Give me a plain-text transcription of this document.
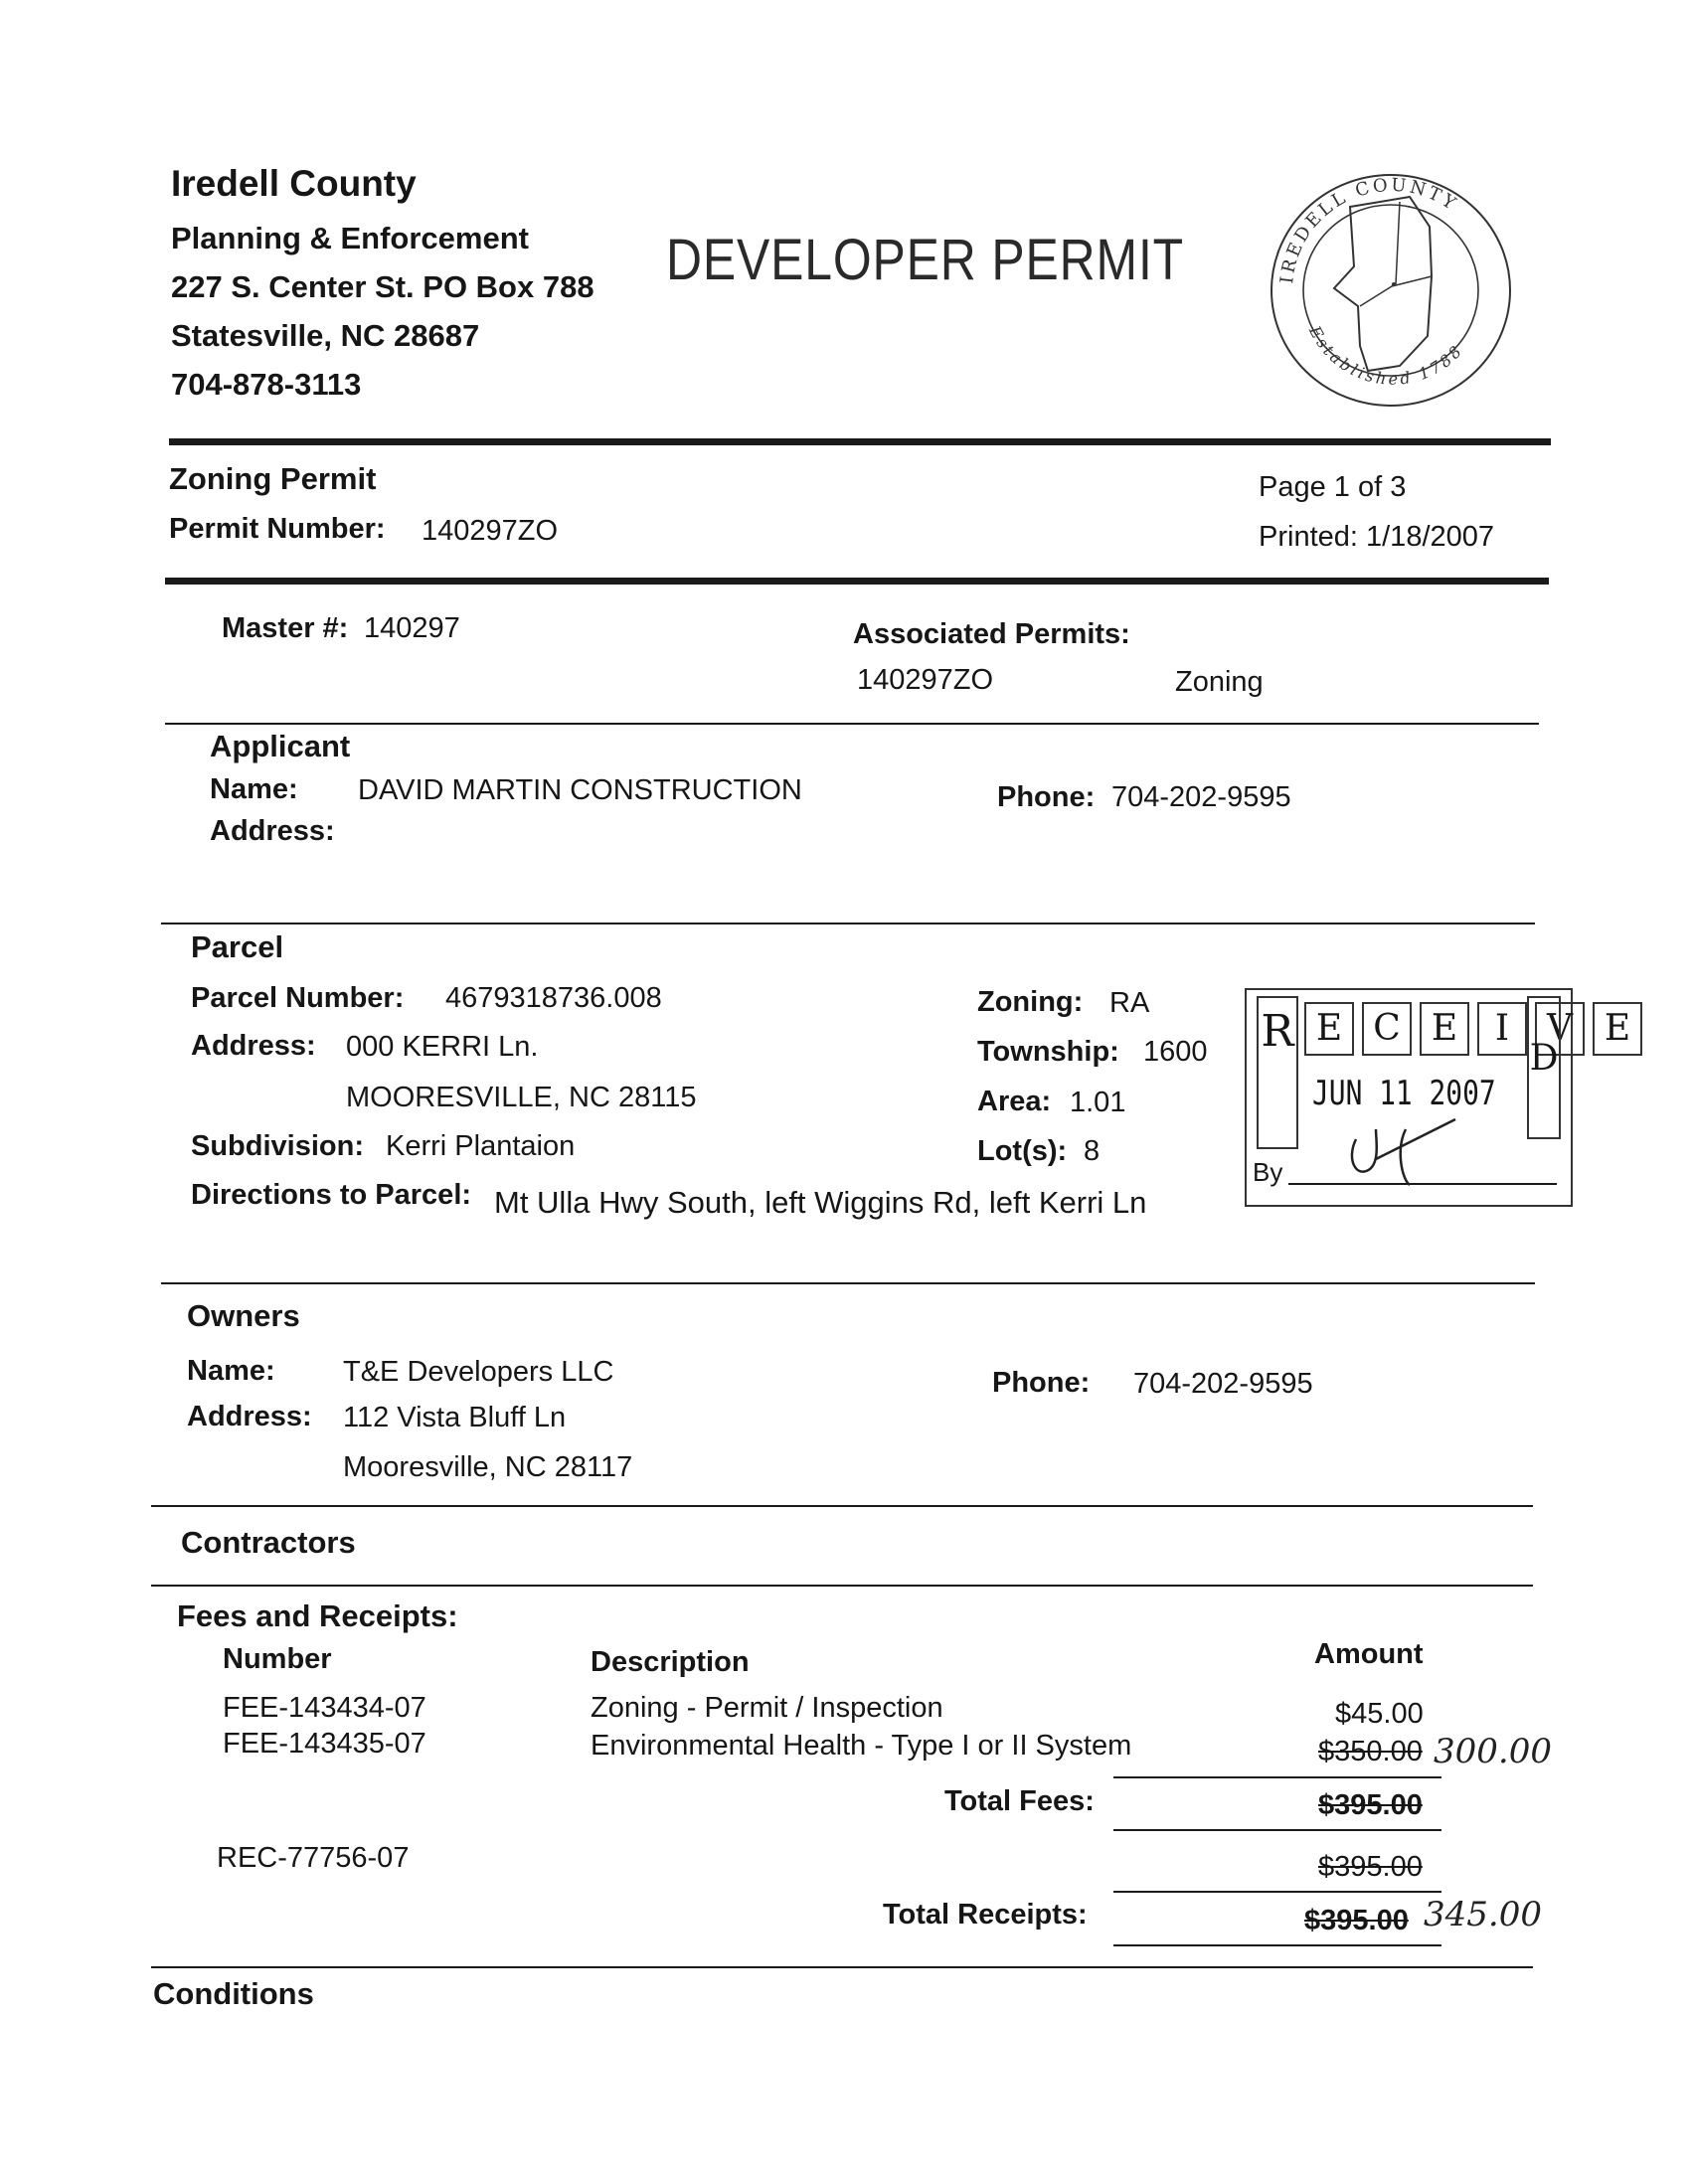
Iredell County
Planning & Enforcement
227 S. Center St. PO Box 788
Statesville, NC 28687
704-878-3113
DEVELOPER PERMIT	IREDELL COUNTY
Established 1788
Zoning Permit
Permit Number: 140297ZO
Page 1 of 3
Printed: 1/18/2007
Master #: 140297	Associated Permits:
140297ZO	Zoning
Applicant
Name: DAVID MARTIN CONSTRUCTION
Address:
Phone: 704-202-9595
Parcel
Parcel Number: 4679318736.008
Address: 000 KERRI Ln.
MOORESVILLE, NC 28115
Subdivision: Kerri Plantaion
Directions to Parcel: Mt Ulla Hwy South, left Wiggins Rd, left Kerri Ln
Zoning: RA
Township: 1600
Area: 1.01
Lot(s): 8
R E C E I V E
D
JUN 11 2007
By
Owners
Name: T&E Developers LLC
Address: 112 Vista Bluff Ln
Mooresville, NC 28117
Phone: 704-202-9595
Contractors
Fees and Receipts:
Number	Description	Amount
FEE-143434-07	Zoning - Permit / Inspection	$45.00
FEE-143435-07	Environmental Health - Type I or II System	$350.00 300.00
Total Fees:	$395.00
REC-77756-07	$395.00
Total Receipts:	$395.00 345.00
Conditions
